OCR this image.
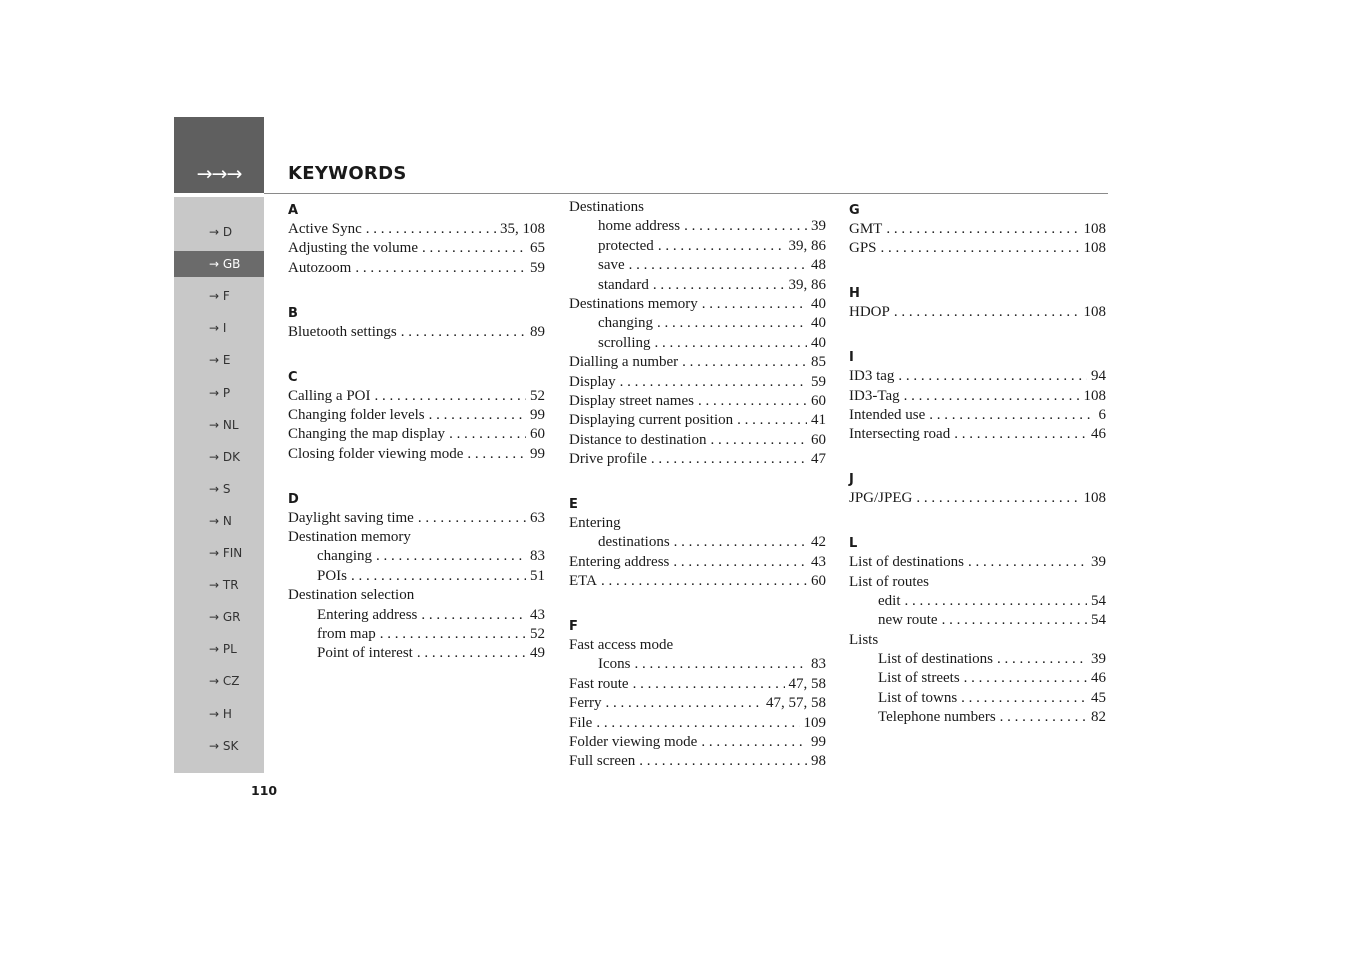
→→→	KEYWORDS
→ D
→ GB
→ F
→ I
→ E
→ P
→ NL
→ DK
→ S
→ N
→ FIN
→ TR
→ GR
→ PL
→ CZ
→ H
→ SK
A
Active Sync . . .	35, 108
Adjusting the volume . . .	65
Autozoom . . .	59
B
Bluetooth settings . . .	89
C
Calling a POI . . .	52
Changing folder levels . . .	99
Changing the map display . . .	60
Closing folder viewing mode . . .	99
D
Daylight saving time . . .	63
Destination memory
changing . . .	83
POIs . . .	51
Destination selection
Entering address . . .	43
from map . . .	52
Point of interest . . .	49
Destinations
home address . . .	39
protected . . .	39, 86
save . . .	48
standard . . .	39, 86
Destinations memory . . .	40
changing . . .	40
scrolling . . .	40
Dialling a number . . .	85
Display . . .	59
Display street names . . .	60
Displaying current position . . .	41
Distance to destination . . .	60
Drive profile . . .	47
E
Entering
destinations . . .	42
Entering address . . .	43
ETA . . .	60
F
Fast access mode
Icons . . .	83
Fast route . . .	47, 58
Ferry . . .	47, 57, 58
File . . .	109
Folder viewing mode . . .	99
Full screen . . .	98
G
GMT . . .	108
GPS . . .	108
H
HDOP . . .	108
I
ID3 tag . . .	94
ID3-Tag . . .	108
Intended use . . .	6
Intersecting road . . .	46
J
JPG/JPEG . . .	108
L
List of destinations . . .	39
List of routes
edit . . .	54
new route . . .	54
Lists
List of destinations . . .	39
List of streets . . .	46
List of towns . . .	45
Telephone numbers . . .	82
110
